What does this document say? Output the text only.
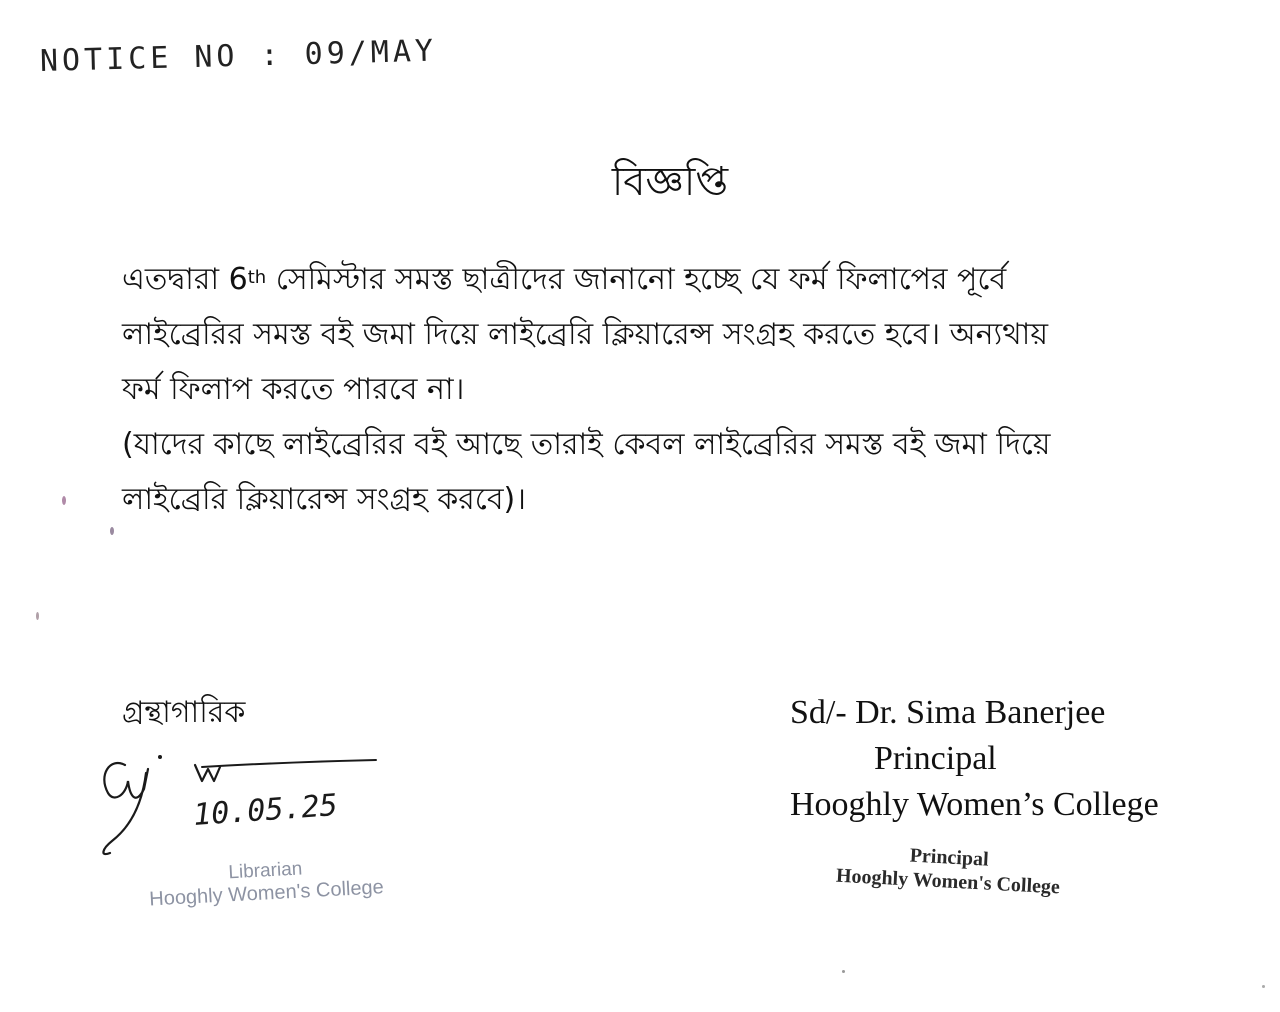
NOTICE NO : 09/MAY
বিজ্ঞপ্তি
এতদ্বারা 6th সেমিস্টার সমস্ত ছাত্রীদের জানানো হচ্ছে যে ফর্ম ফিলাপের পূর্বে
লাইব্রেরির সমস্ত বই জমা দিয়ে লাইব্রেরি ক্লিয়ারেন্স সংগ্রহ করতে হবে। অন্যথায়
ফর্ম ফিলাপ করতে পারবে না।
(যাদের কাছে লাইব্রেরির বই আছে তারাই কেবল লাইব্রেরির সমস্ত বই জমা দিয়ে
লাইব্রেরি ক্লিয়ারেন্স সংগ্রহ করবে)।
গ্রন্থাগারিক
10.05.25
Librarian
Hooghly Women's College
Sd/- Dr. Sima Banerjee
Principal
Hooghly Women’s College
Principal
Hooghly Women's College
